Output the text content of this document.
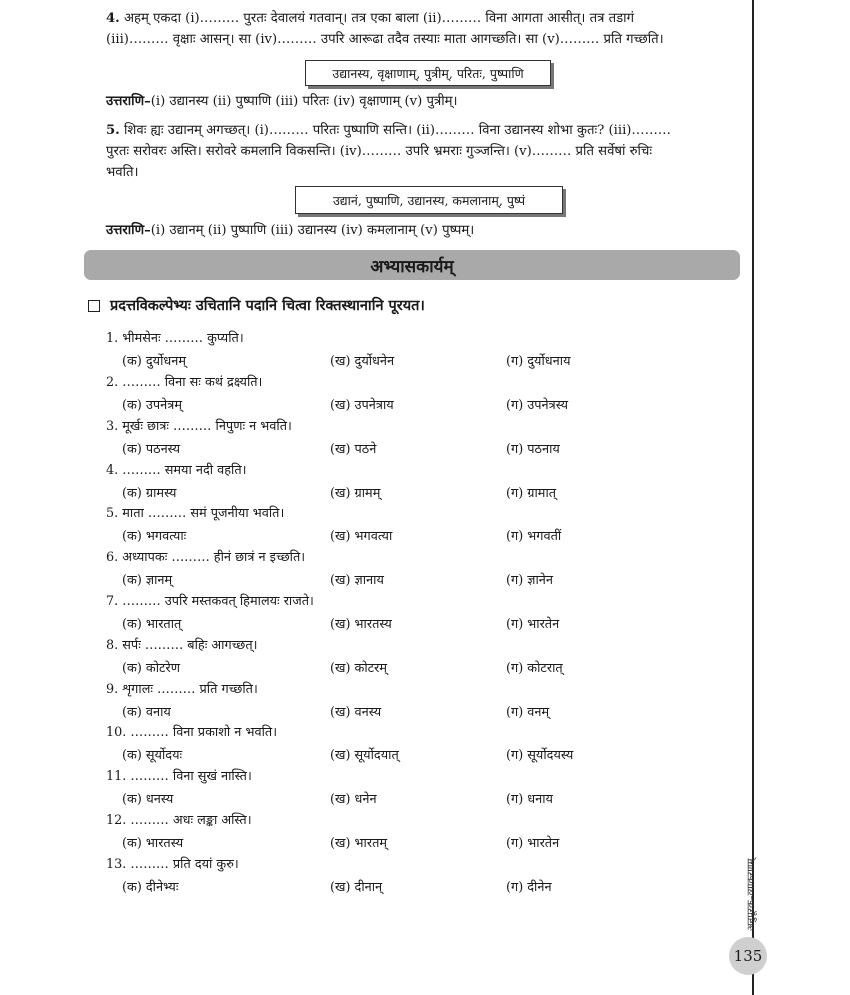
4. अहम् एकदा (i)……… पुरतः देवालयं गतवान्। तत्र एका बाला (ii)……… विना आगता आसीत्। तत्र तडागं
(iii)……… वृक्षाः आसन्। सा (iv)……… उपरि आरूढा तदैव तस्याः माता आगच्छति। सा (v)……… प्रति गच्छति।
उद्यानस्य, वृक्षाणाम्, पुत्रीम्, परितः, पुष्पाणि
उत्तराणि–(i) उद्यानस्य (ii) पुष्पाणि (iii) परितः (iv) वृक्षाणाम् (v) पुत्रीम्।
5. शिवः ह्यः उद्यानम् अगच्छत्। (i)……… परितः पुष्पाणि सन्ति। (ii)……… विना उद्यानस्य शोभा कुतः? (iii)………
पुरतः सरोवरः अस्ति। सरोवरे कमलानि विकसन्ति। (iv)……… उपरि भ्रमराः गुञ्जन्ति। (v)……… प्रति सर्वेषां रुचिः
भवति।
उद्यानं, पुष्पाणि, उद्यानस्य, कमलानाम्, पुष्पं
उत्तराणि–(i) उद्यानम् (ii) पुष्पाणि (iii) उद्यानस्य (iv) कमलानाम् (v) पुष्पम्।
अभ्यासकार्यम्
प्रदत्तविकल्पेभ्यः उचितानि पदानि चित्वा रिक्तस्थानानि पूरयत।
1. भीमसेनः ……… कुप्यति।
(क) दुर्योधनम्	(ख) दुर्योधनेन	(ग) दुर्योधनाय
2. ……… विना सः कथं द्रक्ष्यति।
(क) उपनेत्रम्	(ख) उपनेत्राय	(ग) उपनेत्रस्य
3. मूर्खः छात्रः ……… निपुणः न भवति।
(क) पठनस्य	(ख) पठने	(ग) पठनाय
4. ……… समया नदी वहति।
(क) ग्रामस्य	(ख) ग्रामम्	(ग) ग्रामात्
5. माता ……… समं पूजनीया भवति।
(क) भगवत्याः	(ख) भगवत्या	(ग) भगवतीं
6. अध्यापकः ……… हीनं छात्रं न इच्छति।
(क) ज्ञानम्	(ख) ज्ञानाय	(ग) ज्ञानेन
7. ……… उपरि मस्तकवत् हिमालयः राजते।
(क) भारतात्	(ख) भारतस्य	(ग) भारतेन
8. सर्पः ……… बहिः आगच्छत्।
(क) कोटरेण	(ख) कोटरम्	(ग) कोटरात्
9. शृगालः ……… प्रति गच्छति।
(क) वनाय	(ख) वनस्य	(ग) वनम्
10. ……… विना प्रकाशो न भवति।
(क) सूर्योदयः	(ख) सूर्योदयात्	(ग) सूर्योदयस्य
11. ……… विना सुखं नास्ति।
(क) धनस्य	(ख) धनेन	(ग) धनाय
12. ……… अधः लङ्का अस्ति।
(क) भारतस्य	(ख) भारतम्	(ग) भारतेन
13. ……… प्रति दयां कुरु।
(क) दीनेभ्यः	(ख) दीनान्	(ग) दीनेन	अनुपूरक–व्याकरणम्
135
